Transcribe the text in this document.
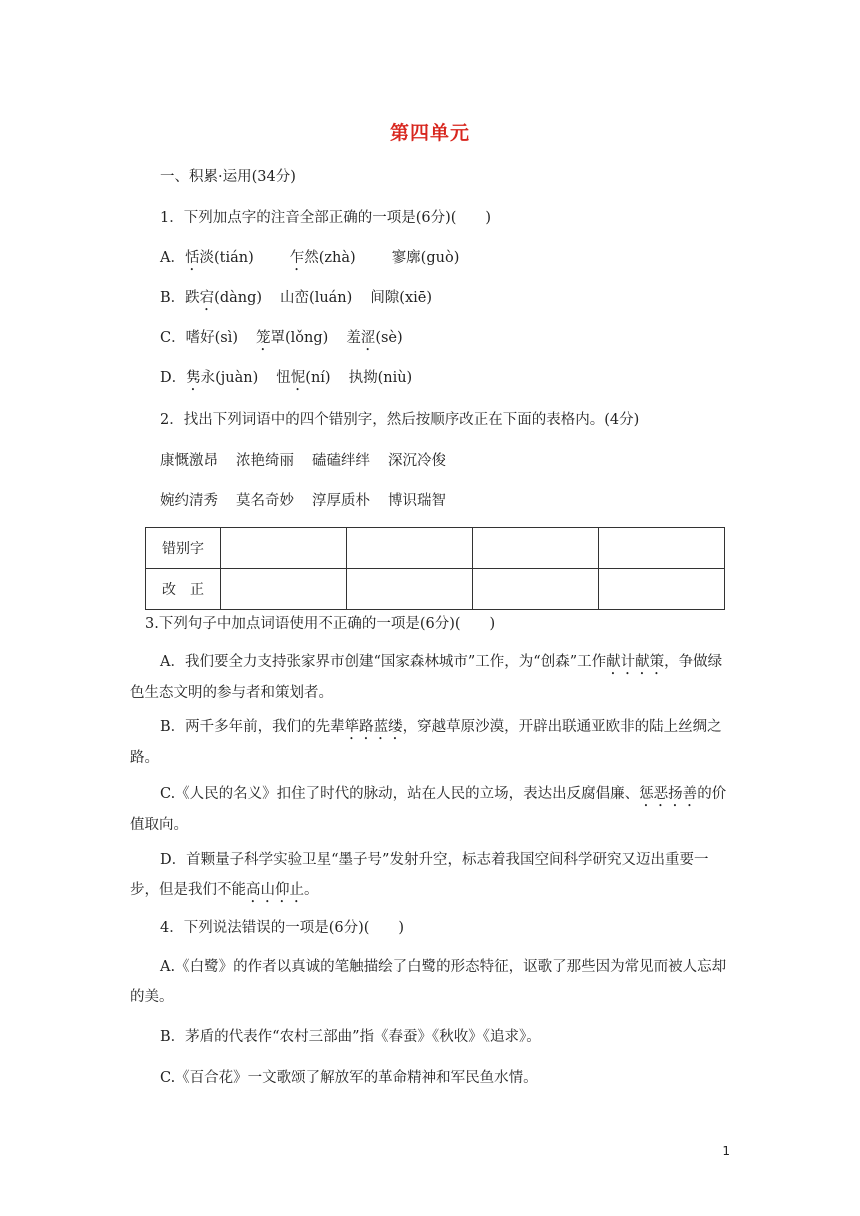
第四单元
一、积累·运用(34分)
1．下列加点字的注音全部正确的一项是(6分)(　　)
A．恬淡(tián) 乍然(zhà) 寥廓(guò)
B．跌宕(dàng) 山峦(luán) 间隙(xiē)
C．嗜好(sì) 笼罩(lǒng) 羞涩(sè)
D．隽永(juàn) 忸怩(ní) 执拗(niù)
2．找出下列词语中的四个错别字，然后按顺序改正在下面的表格内。(4分)
康慨激昂 浓艳绮丽 磕磕绊绊 深沉冷俊
婉约清秀 莫名奇妙 淳厚质朴 博识瑞智
错别字				
改　正				
3.下列句子中加点词语使用不正确的一项是(6分)(　　)
A．我们要全力支持张家界市创建“国家森林城市”工作，为“创森”工作献计献策，争做绿色生态文明的参与者和策划者。
B．两千多年前，我们的先辈筚路蓝缕，穿越草原沙漠，开辟出联通亚欧非的陆上丝绸之路。
C.《人民的名义》扣住了时代的脉动，站在人民的立场，表达出反腐倡廉、惩恶扬善的价值取向。
D．首颗量子科学实验卫星“墨子号”发射升空，标志着我国空间科学研究又迈出重要一步，但是我们不能高山仰止。
4．下列说法错误的一项是(6分)(　　)
A.《白鹭》的作者以真诚的笔触描绘了白鹭的形态特征，讴歌了那些因为常见而被人忘却的美。
B．茅盾的代表作“农村三部曲”指《春蚕》《秋收》《追求》。
C.《百合花》一文歌颂了解放军的革命精神和军民鱼水情。
1
